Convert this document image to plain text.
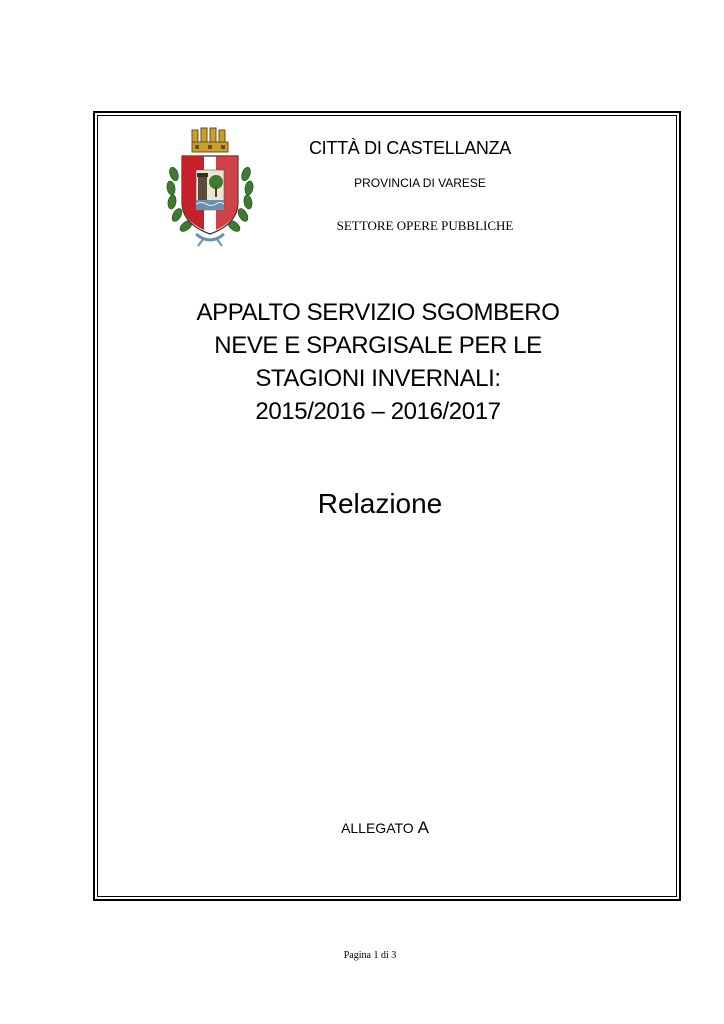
CITTÀ DI CASTELLANZA
PROVINCIA DI VARESE
SETTORE OPERE PUBBLICHE
APPALTO SERVIZIO SGOMBERO
NEVE E SPARGISALE PER LE
STAGIONI INVERNALI:
2015/2016 – 2016/2017
Relazione
ALLEGATO A
Pagina 1 di 3
